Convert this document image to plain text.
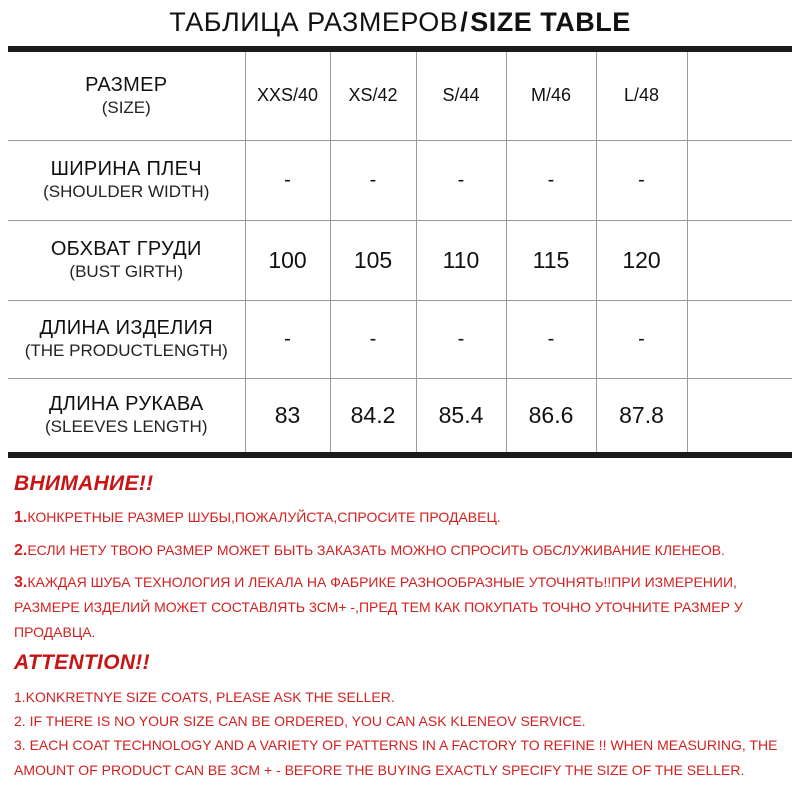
ТАБЛИЦА РАЗМЕРОВ/SIZE TABLE
РАЗМЕР
(SIZE)	XXS/40	XS/42	S/44	M/46	L/48	

ШИРИНА ПЛЕЧ
(SHOULDER WIDTH)	-	-	-	-	-	

ОБХВАТ ГРУДИ
(BUST GIRTH)	100	105	110	115	120	

ДЛИНА ИЗДЕЛИЯ
(THE PRODUCTLENGTH)	-	-	-	-	-	

ДЛИНА РУКАВА
(SLEEVES LENGTH)	83	84.2	85.4	86.6	87.8	
ВНИМАНИЕ!!
1.КОНКРЕТНЫЕ РАЗМЕР ШУБЫ,ПОЖАЛУЙСТА,СПРОСИТЕ ПРОДАВЕЦ.
2.ЕСЛИ НЕТУ ТВОЮ РАЗМЕР МОЖЕТ БЫТЬ ЗАКАЗАТЬ МОЖНО СПРОСИТЬ ОБСЛУЖИВАНИЕ КЛЕНЕОВ.
3.КАЖДАЯ ШУБА ТЕХНОЛОГИЯ И ЛЕКАЛА НА ФАБРИКЕ РАЗНООБРАЗНЫЕ УТОЧНЯТЬ!!ПРИ ИЗМЕРЕНИИ, РАЗМЕРЕ ИЗДЕЛИЙ МОЖЕТ СОСТАВЛЯТЬ 3СМ+ -,ПРЕД ТЕМ КАК ПОКУПАТЬ ТОЧНО УТОЧНИТЕ РАЗМЕР У ПРОДАВЦА.
ATTENTION!!
1.KONKRETNYE SIZE COATS, PLEASE ASK THE SELLER.
2. IF THERE IS NO YOUR SIZE CAN BE ORDERED, YOU CAN ASK KLENEOV SERVICE.
3. EACH COAT TECHNOLOGY AND A VARIETY OF PATTERNS IN A FACTORY TO REFINE !! WHEN MEASURING, THE AMOUNT OF PRODUCT CAN BE 3CM + - BEFORE THE BUYING EXACTLY SPECIFY THE SIZE OF THE SELLER.
